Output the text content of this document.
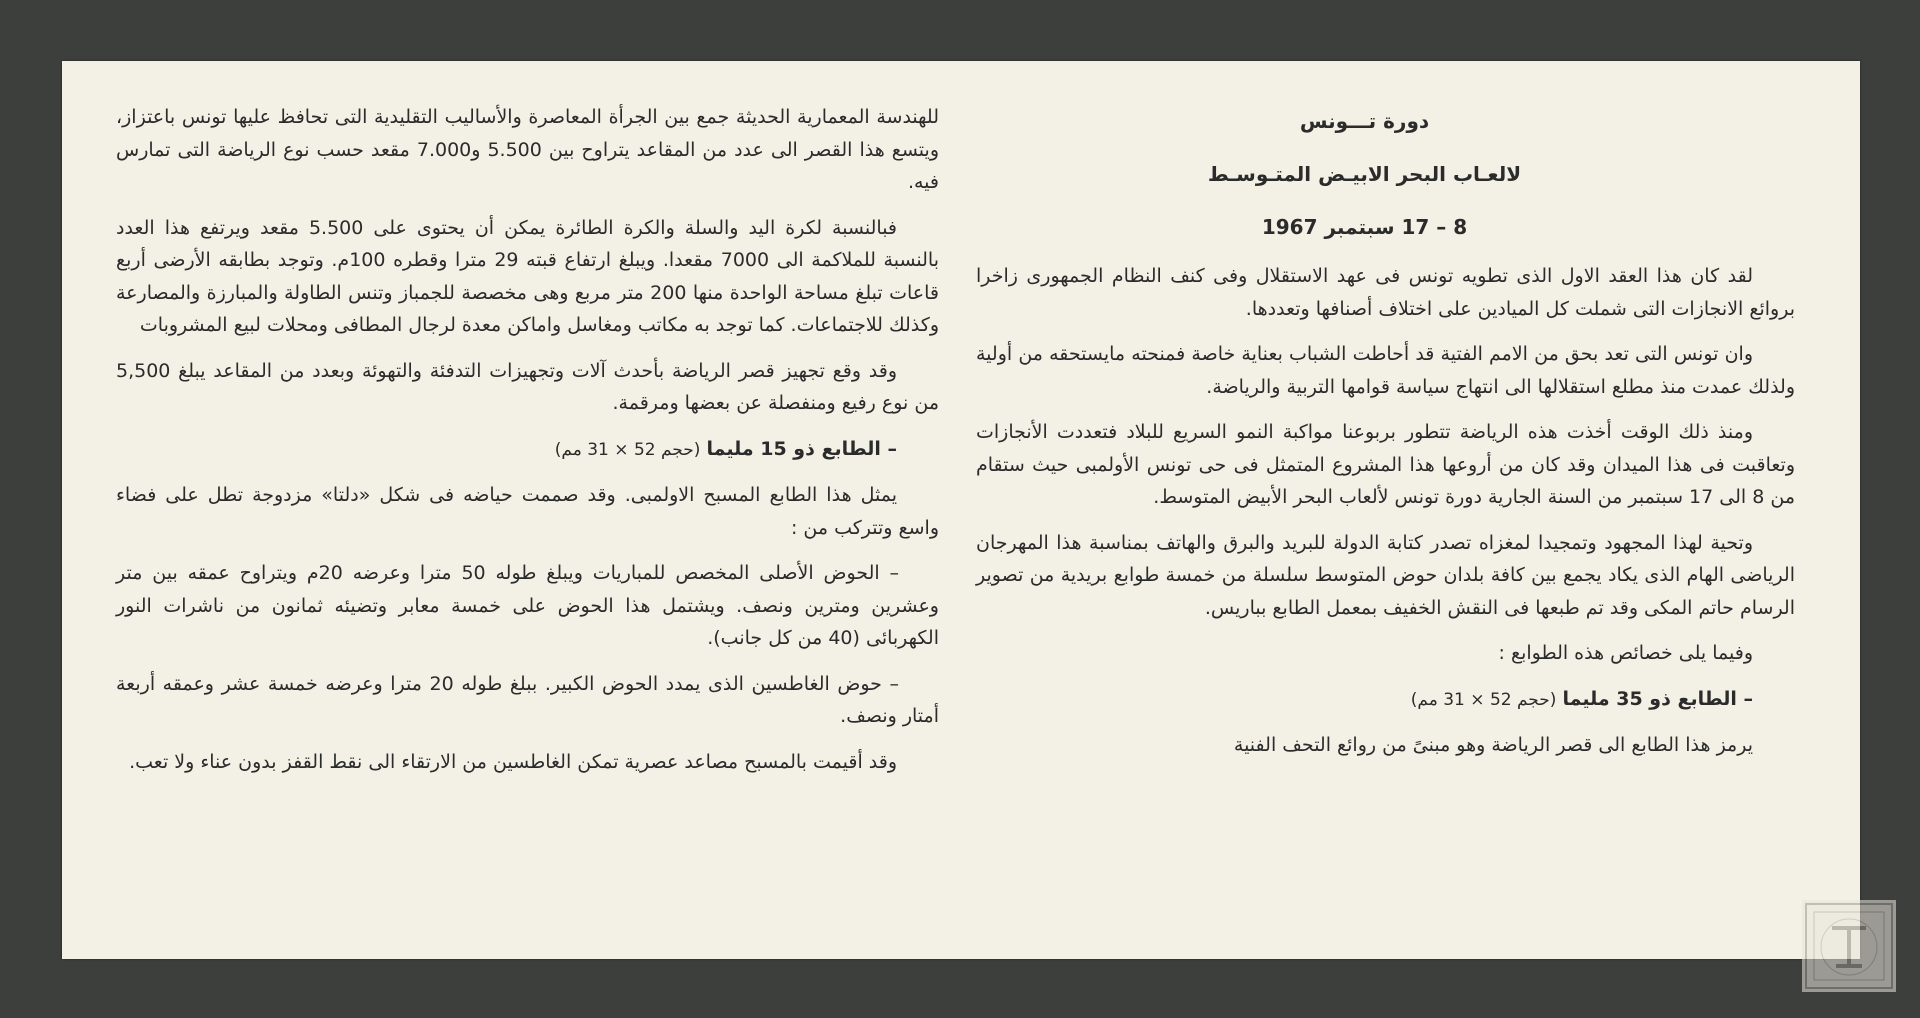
دورة تـــونس

لالعـاب البحر الابيـض المتـوسـط

8 – 17 سبتمبر 1967

لقد كان هذا العقد الاول الذى تطويه تونس فى عهد الاستقلال وفى كنف النظام الجمهورى زاخرا بروائع الانجازات التى شملت كل الميادين على اختلاف أصنافها وتعددها.

وان تونس التى تعد بحق من الامم الفتية قد أحاطت الشباب بعناية خاصة فمنحته مايستحقه من أولية ولذلك عمدت منذ مطلع استقلالها الى انتهاج سياسة قوامها التربية والرياضة.

ومنذ ذلك الوقت أخذت هذه الرياضة تتطور بربوعنا مواكبة النمو السريع للبلاد فتعددت الأنجازات وتعاقبت فى هذا الميدان وقد كان من أروعها هذا المشروع المتمثل فى حى تونس الأولمبى حيث ستقام من 8 الى 17 سبتمبر من السنة الجارية دورة تونس لألعاب البحر الأبيض المتوسط.

وتحية لهذا المجهود وتمجيدا لمغزاه تصدر كتابة الدولة للبريد والبرق والهاتف بمناسبة هذا المهرجان الرياضى الهام الذى يكاد يجمع بين كافة بلدان حوض المتوسط سلسلة من خمسة طوابع بريدية من تصوير الرسام حاتم المكى وقد تم طبعها فى النقش الخفيف بمعمل الطابع بباريس.

وفيما يلى خصائص هذه الطوابع :

– الطابع ذو 35 مليما (حجم 52 × 31 مم)

يرمز هذا الطابع الى قصر الرياضة وهو مبنىً من روائع التحف الفنية

للهندسة المعمارية الحديثة جمع بين الجرأة المعاصرة والأساليب التقليدية التى تحافظ عليها تونس باعتزاز، ويتسع هذا القصر الى عدد من المقاعد يتراوح بين 5.500 و7.000 مقعد حسب نوع الرياضة التى تمارس فيه.

فبالنسبة لكرة اليد والسلة والكرة الطائرة يمكن أن يحتوى على 5.500 مقعد ويرتفع هذا العدد بالنسبة للملاكمة الى 7000 مقعدا. ويبلغ ارتفاع قبته 29 مترا وقطره 100م. وتوجد بطابقه الأرضى أربع قاعات تبلغ مساحة الواحدة منها 200 متر مربع وهى مخصصة للجمباز وتنس الطاولة والمبارزة والمصارعة وكذلك للاجتماعات. كما توجد به مكاتب ومغاسل واماكن معدة لرجال المطافى ومحلات لبيع المشروبات

وقد وقع تجهيز قصر الرياضة بأحدث آلات وتجهيزات التدفئة والتهوئة وبعدد من المقاعد يبلغ 5,500 من نوع رفيع ومنفصلة عن بعضها ومرقمة.

– الطابع ذو 15 مليما (حجم 52 × 31 مم)

يمثل هذا الطابع المسبح الاولمبى. وقد صممت حياضه فى شكل «دلتا» مزدوجة تطل على فضاء واسع وتتركب من :

– الحوض الأصلى المخصص للمباريات ويبلغ طوله 50 مترا وعرضه 20م ويتراوح عمقه بين متر وعشرين ومترين ونصف. ويشتمل هذا الحوض على خمسة معابر وتضيئه ثمانون من ناشرات النور الكهربائى (40 من كل جانب).

– حوض الغاطسين الذى يمدد الحوض الكبير. ببلغ طوله 20 مترا وعرضه خمسة عشر وعمقه أربعة أمتار ونصف.

وقد أقيمت بالمسبح مصاعد عصرية تمكن الغاطسين من الارتقاء الى نقط القفز بدون عناء ولا تعب.
